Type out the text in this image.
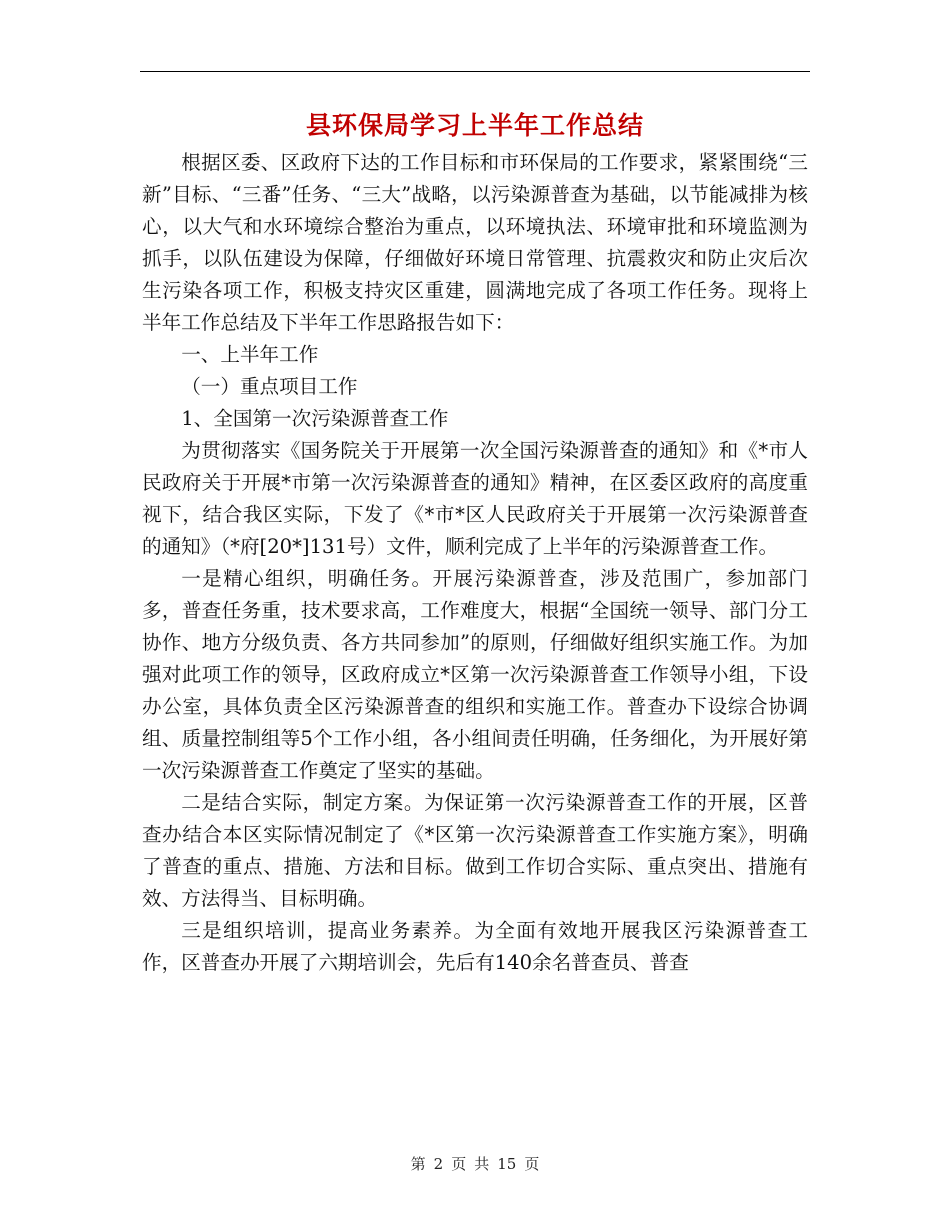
县环保局学习上半年工作总结

根据区委、区政府下达的工作目标和市环保局的工作要求，紧紧围绕“三新”目标、“三番”任务、“三大”战略，以污染源普查为基础，以节能减排为核心，以大气和水环境综合整治为重点，以环境执法、环境审批和环境监测为抓手，以队伍建设为保障，仔细做好环境日常管理、抗震救灾和防止灾后次生污染各项工作，积极支持灾区重建，圆满地完成了各项工作任务。现将上半年工作总结及下半年工作思路报告如下：

一、上半年工作

（一）重点项目工作

1、全国第一次污染源普查工作

为贯彻落实《国务院关于开展第一次全国污染源普查的通知》和《*市人民政府关于开展*市第一次污染源普查的通知》精神，在区委区政府的高度重视下，结合我区实际，下发了《*市*区人民政府关于开展第一次污染源普查的通知》（*府[20*]131号）文件，顺利完成了上半年的污染源普查工作。

一是精心组织，明确任务。开展污染源普查，涉及范围广，参加部门多，普查任务重，技术要求高，工作难度大，根据“全国统一领导、部门分工协作、地方分级负责、各方共同参加”的原则，仔细做好组织实施工作。为加强对此项工作的领导，区政府成立*区第一次污染源普查工作领导小组，下设办公室，具体负责全区污染源普查的组织和实施工作。普查办下设综合协调组、质量控制组等5个工作小组，各小组间责任明确，任务细化，为开展好第一次污染源普查工作奠定了坚实的基础。

二是结合实际，制定方案。为保证第一次污染源普查工作的开展，区普查办结合本区实际情况制定了《*区第一次污染源普查工作实施方案》，明确了普查的重点、措施、方法和目标。做到工作切合实际、重点突出、措施有效、方法得当、目标明确。

三是组织培训，提高业务素养。为全面有效地开展我区污染源普查工作，区普查办开展了六期培训会，先后有140余名普查员、普查

第 2 页 共 15 页
